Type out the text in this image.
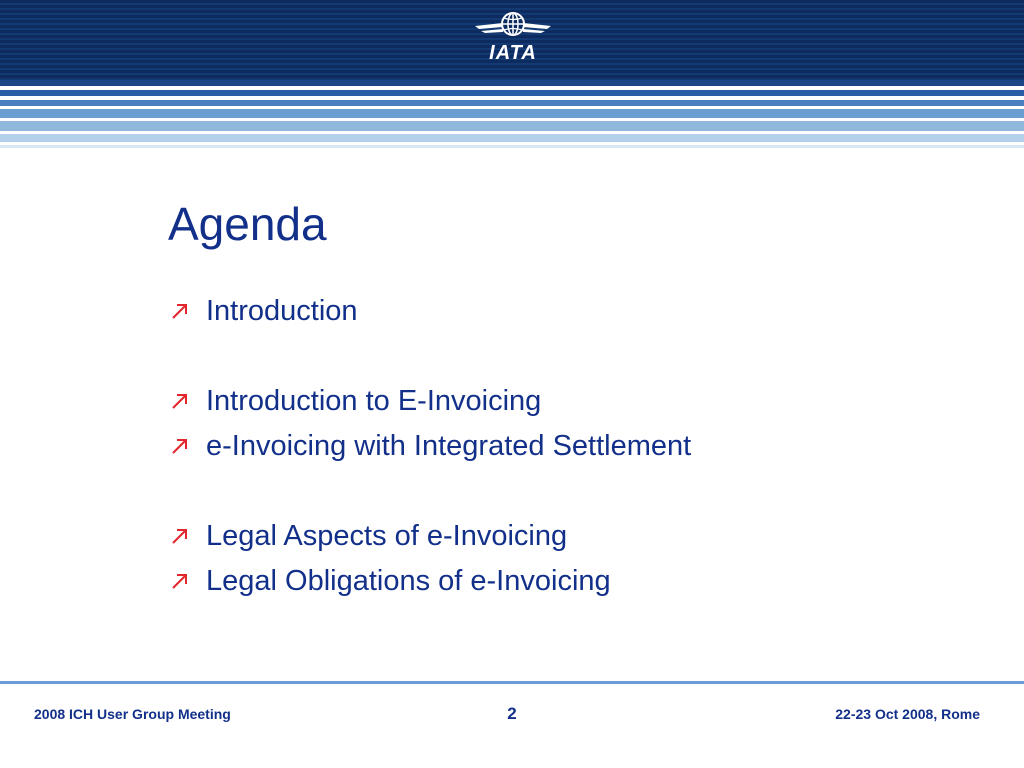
IATA
Agenda
Introduction
Introduction to E-Invoicing
e-Invoicing with Integrated Settlement
Legal Aspects of e-Invoicing
Legal Obligations of e-Invoicing
2008 ICH User Group Meeting	2	22-23 Oct 2008, Rome
